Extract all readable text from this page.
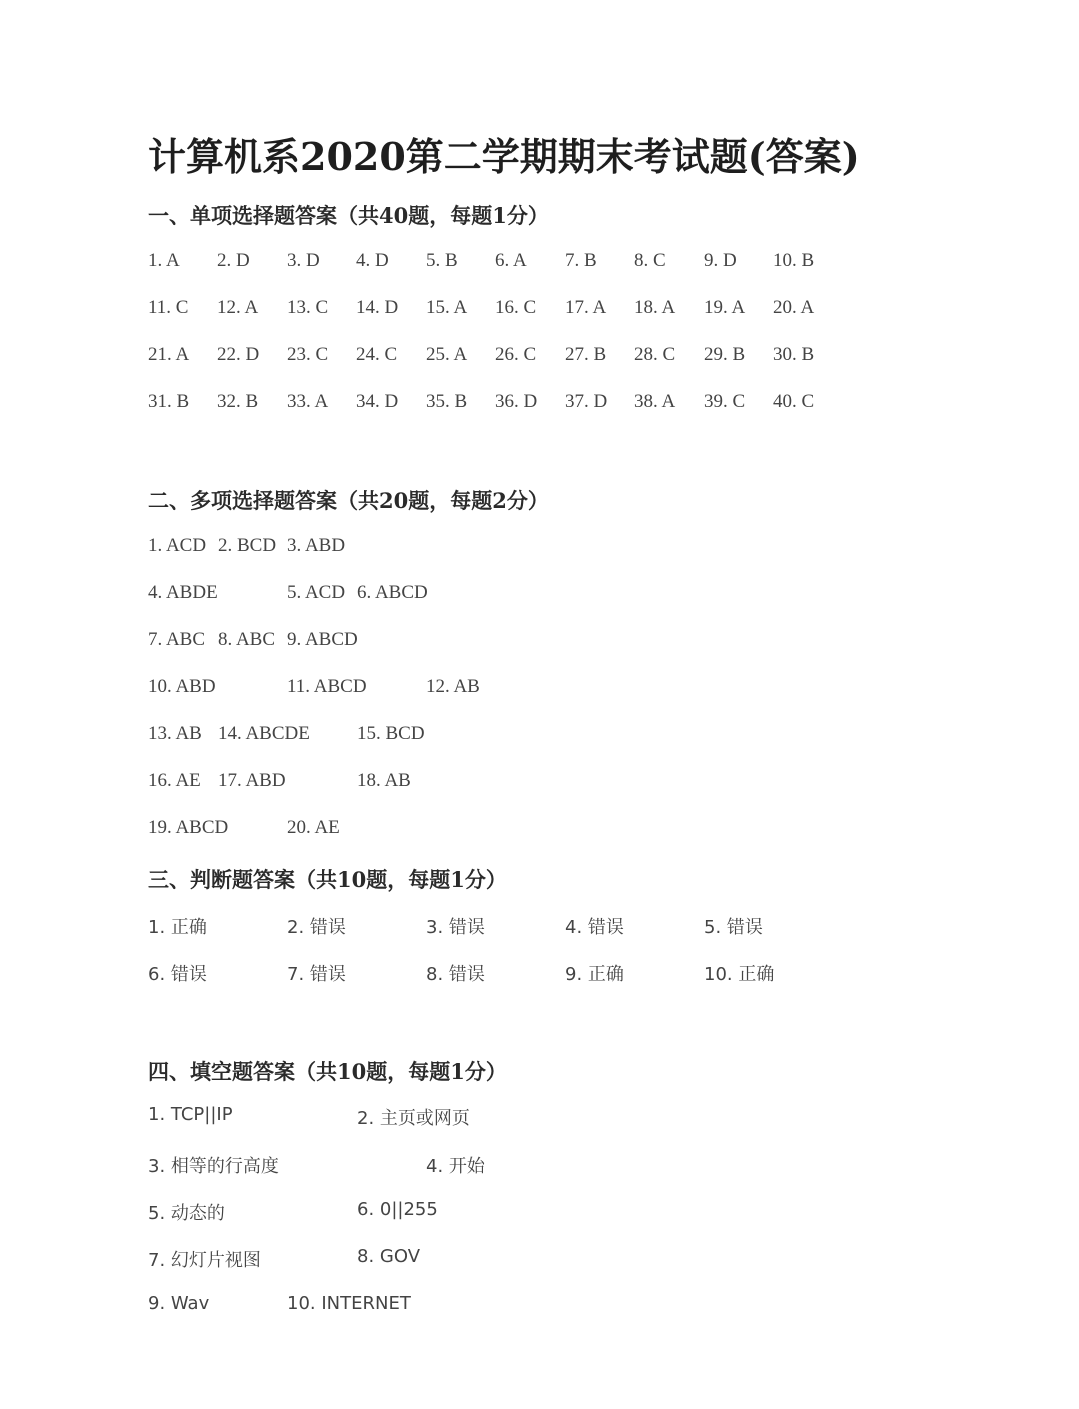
计算机系2020第二学期期末考试题(答案)
一、单项选择题答案（共40题，每题1分）
二、多项选择题答案（共20题，每题2分）
三、判断题答案（共10题，每题1分）
四、填空题答案（共10题，每题1分）
1. A 2. D 3. D 4. D 5. B 6. A 7. B 8. C 9. D 10. B
11. C 12. A 13. C 14. D 15. A 16. C 17. A 18. A 19. A 20. A
21. A 22. D 23. C 24. C 25. A 26. C 27. B 28. C 29. B 30. B
31. B 32. B 33. A 34. D 35. B 36. D 37. D 38. A 39. C 40. C
1. ACD 2. BCD 3. ABD
4. ABDE	5. ACD 6. ABCD
7. ABC 8. ABC 9. ABCD
10. ABD	11. ABCD	12. AB
13. AB 14. ABCDE 15. BCD
16. AE 17. ABD	18. AB
19. ABCD	20. AE
1. 正确	2. 错误	3. 错误	4. 错误	5. 错误
6. 错误	7. 错误	8. 错误	9. 正确	10. 正确
1. TCP||IP	2. 主页或网页
3. 相等的行高度	4. 开始
5. 动态的	6. 0||255
7. 幻灯片视图	8. GOV
9. Wav	10. INTERNET
